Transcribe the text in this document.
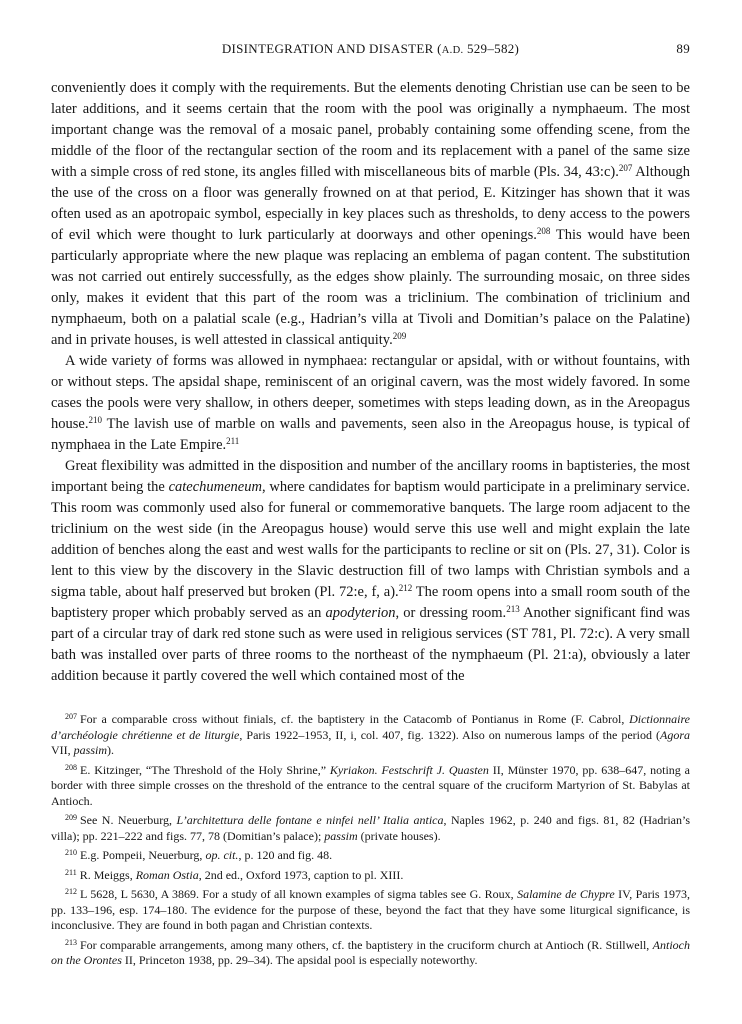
DISINTEGRATION AND DISASTER (A.D. 529–582)	89

conveniently does it comply with the requirements. But the elements denoting Christian use can be seen to be later additions, and it seems certain that the room with the pool was originally a nymphaeum. The most important change was the removal of a mosaic panel, probably containing some offending scene, from the middle of the floor of the rectangular section of the room and its replacement with a panel of the same size with a simple cross of red stone, its angles filled with miscellaneous bits of marble (Pls. 34, 43:c).$^{207}$ Although the use of the cross on a floor was generally frowned on at that period, E. Kitzinger has shown that it was often used as an apotropaic symbol, especially in key places such as thresholds, to deny access to the powers of evil which were thought to lurk particularly at doorways and other openings.$^{208}$ This would have been particularly appropriate where the new plaque was replacing an emblema of pagan content. The substitution was not carried out entirely successfully, as the edges show plainly. The surrounding mosaic, on three sides only, makes it evident that this part of the room was a triclinium. The combination of triclinium and nymphaeum, both on a palatial scale (e.g., Hadrian’s villa at Tivoli and Domitian’s palace on the Palatine) and in private houses, is well attested in classical antiquity.$^{209}$

A wide variety of forms was allowed in nymphaea: rectangular or apsidal, with or without fountains, with or without steps. The apsidal shape, reminiscent of an original cavern, was the most widely favored. In some cases the pools were very shallow, in others deeper, sometimes with steps leading down, as in the Areopagus house.$^{210}$ The lavish use of marble on walls and pavements, seen also in the Areopagus house, is typical of nymphaea in the Late Empire.$^{211}$

Great flexibility was admitted in the disposition and number of the ancillary rooms in baptisteries, the most important being the catechumeneum, where candidates for baptism would participate in a preliminary service. This room was commonly used also for funeral or commemorative banquets. The large room adjacent to the triclinium on the west side (in the Areopagus house) would serve this use well and might explain the late addition of benches along the east and west walls for the participants to recline or sit on (Pls. 27, 31). Color is lent to this view by the discovery in the Slavic destruction fill of two lamps with Christian symbols and a sigma table, about half preserved but broken (Pl. 72:e, f, a).$^{212}$ The room opens into a small room south of the baptistery proper which probably served as an apodyterion, or dressing room.$^{213}$ Another significant find was part of a circular tray of dark red stone such as were used in religious services (ST 781, Pl. 72:c). A very small bath was installed over parts of three rooms to the northeast of the nymphaeum (Pl. 21:a), obviously a later addition because it partly covered the well which contained most of the

$^{207}$ For a comparable cross without finials, cf. the baptistery in the Catacomb of Pontianus in Rome (F. Cabrol, Dictionnaire d’archéologie chrétienne et de liturgie, Paris 1922–1953, II, i, col. 407, fig. 1322). Also on numerous lamps of the period (Agora VII, passim).

$^{208}$ E. Kitzinger, “The Threshold of the Holy Shrine,” Kyriakon. Festschrift J. Quasten II, Münster 1970, pp. 638–647, noting a border with three simple crosses on the threshold of the entrance to the central square of the cruciform Martyrion of St. Babylas at Antioch.

$^{209}$ See N. Neuerburg, L’architettura delle fontane e ninfei nell’ Italia antica, Naples 1962, p. 240 and figs. 81, 82 (Hadrian’s villa); pp. 221–222 and figs. 77, 78 (Domitian’s palace); passim (private houses).

$^{210}$ E.g. Pompeii, Neuerburg, op. cit., p. 120 and fig. 48.

$^{211}$ R. Meiggs, Roman Ostia, 2nd ed., Oxford 1973, caption to pl. XIII.

$^{212}$ L 5628, L 5630, A 3869. For a study of all known examples of sigma tables see G. Roux, Salamine de Chypre IV, Paris 1973, pp. 133–196, esp. 174–180. The evidence for the purpose of these, beyond the fact that they have some liturgical significance, is inconclusive. They are found in both pagan and Christian contexts.

$^{213}$ For comparable arrangements, among many others, cf. the baptistery in the cruciform church at Antioch (R. Stillwell, Antioch on the Orontes II, Princeton 1938, pp. 29–34). The apsidal pool is especially noteworthy.
